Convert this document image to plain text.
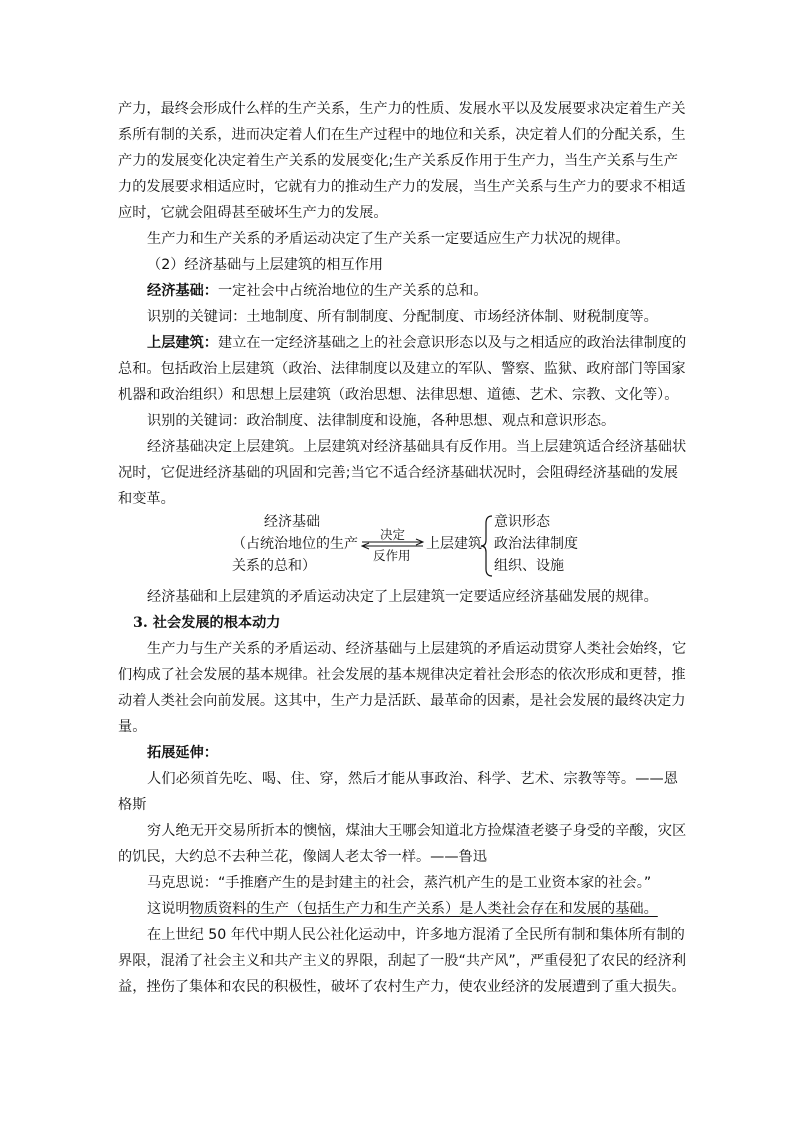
产力，最终会形成什么样的生产关系，生产力的性质、发展水平以及发展要求决定着生产关
系所有制的关系，进而决定着人们在生产过程中的地位和关系，决定着人们的分配关系，生
产力的发展变化决定着生产关系的发展变化;生产关系反作用于生产力，当生产关系与生产
力的发展要求相适应时，它就有力的推动生产力的发展，当生产关系与生产力的要求不相适
应时，它就会阻碍甚至破坏生产力的发展。
生产力和生产关系的矛盾运动决定了生产关系一定要适应生产力状况的规律。
（2）经济基础与上层建筑的相互作用
经济基础：一定社会中占统治地位的生产关系的总和。
识别的关键词：土地制度、所有制制度、分配制度、市场经济体制、财税制度等。
上层建筑：建立在一定经济基础之上的社会意识形态以及与之相适应的政治法律制度的
总和。包括政治上层建筑（政治、法律制度以及建立的军队、警察、监狱、政府部门等国家
机器和政治组织）和思想上层建筑（政治思想、法律思想、道德、艺术、宗教、文化等）。
识别的关键词：政治制度、法律制度和设施，各种思想、观点和意识形态。
经济基础决定上层建筑。上层建筑对经济基础具有反作用。当上层建筑适合经济基础状
况时，它促进经济基础的巩固和完善;当它不适合经济基础状况时，会阻碍经济基础的发展
和变革。
经济基础
（占统治地位的生产
关系的总和）
决定
反作用
上层建筑
意识形态
政治法律制度
组织、设施
经济基础和上层建筑的矛盾运动决定了上层建筑一定要适应经济基础发展的规律。
3. 社会发展的根本动力
生产力与生产关系的矛盾运动、经济基础与上层建筑的矛盾运动贯穿人类社会始终，它
们构成了社会发展的基本规律。社会发展的基本规律决定着社会形态的依次形成和更替，推
动着人类社会向前发展。这其中，生产力是活跃、最革命的因素，是社会发展的最终决定力
量。
拓展延伸：
人们必须首先吃、喝、住、穿，然后才能从事政治、科学、艺术、宗教等等。——恩
格斯
穷人绝无开交易所折本的懊恼，煤油大王哪会知道北方捡煤渣老婆子身受的辛酸，灾区
的饥民，大约总不去种兰花，像阔人老太爷一样。——鲁迅
马克思说：“手推磨产生的是封建主的社会，蒸汽机产生的是工业资本家的社会。”
这说明物质资料的生产（包括生产力和生产关系）是人类社会存在和发展的基础。
在上世纪 50 年代中期人民公社化运动中，许多地方混淆了全民所有制和集体所有制的
界限，混淆了社会主义和共产主义的界限，刮起了一股“共产风”，严重侵犯了农民的经济利
益，挫伤了集体和农民的积极性，破坏了农村生产力，使农业经济的发展遭到了重大损失。
